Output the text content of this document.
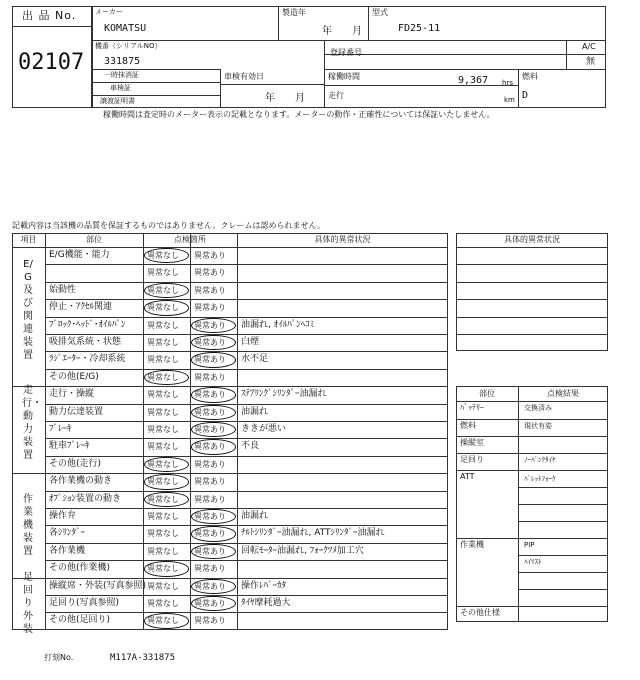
出 品 No.
02107
メーカー
KOMATSU
製造年
年　　月
型式
FD25-11
機番（シリアルNO）
331875
登録番号
A/C
無
一時抹消証
車検証
譲渡証明書
車検有効日
年　　月
稼働時間	9,367 hrs
走行	km
燃料
D
稼働時間は査定時のメーター表示の記載となります。メーターの動作・正確性については保証いたしません。
記載内容は当該機の品質を保証するものではありません。クレームは認められません。
項目	部位	点検箇所	具体的異常状況
E/G及び関連装置
E/G機能・能力	異常なし 異常あり
異常なし 異常あり
始動性	異常なし 異常あり
停止・ｱｸｾﾙ関連	異常なし 異常あり
ﾌﾞﾛｯｸ･ﾍｯﾄﾞ･ｵｲﾙﾊﾟﾝ	異常なし 異常あり 油漏れ, ｵｲﾙﾊﾟﾝﾍｺﾐ
吸排気系統・状態	異常なし 異常あり 白煙
ﾗｼﾞｴｰﾀｰ・冷却系統	異常なし 異常あり 水不足
その他(E/G)	異常なし 異常あり
走行・動力装置
走行・操縦	異常なし 異常あり ｽﾃｱﾘﾝｸﾞｼﾘﾝﾀﾞｰ油漏れ
動力伝達装置	異常なし 異常あり 油漏れ
ﾌﾞﾚｰｷ	異常なし 異常あり ききが悪い
駐車ﾌﾞﾚｰｷ	異常なし 異常あり 不良
その他(走行)	異常なし 異常あり
作業機装置
各作業機の動き	異常なし 異常あり
ｵﾌﾟｼｮﾝ装置の動き	異常なし 異常あり
操作弁	異常なし 異常あり 油漏れ
各ｼﾘﾝﾀﾞｰ	異常なし 異常あり ﾁﾙﾄｼﾘﾝﾀﾞｰ油漏れ, ATTｼﾘﾝﾀﾞｰ油漏れ
各作業機	異常なし 異常あり 回転ﾓｰﾀｰ油漏れ, ﾌｫｰｸﾂﾒ加工穴
その他(作業機)	異常なし 異常あり
足回り外装
操縦席・外装(写真参照) 異常なし 異常あり 操作ﾚﾊﾞｰｶﾀ
足回り(写真参照)	異常なし 異常あり ﾀｲﾔ摩耗過大
その他(足回り)	異常なし 異常あり
具体的異常状況
部位	点検結果
ﾊﾞｯﾃﾘｰ	交換済み
燃料	現状有姿
操縦室
足回り	ﾉｰﾊﾟﾝｸﾀｲﾔ
ATT	ﾊﾟﾚｯﾄﾌｫｰｸ
作業機	PIP
ﾊｲﾏｽﾄ
その他仕様
打刻No.	M117A-331875
